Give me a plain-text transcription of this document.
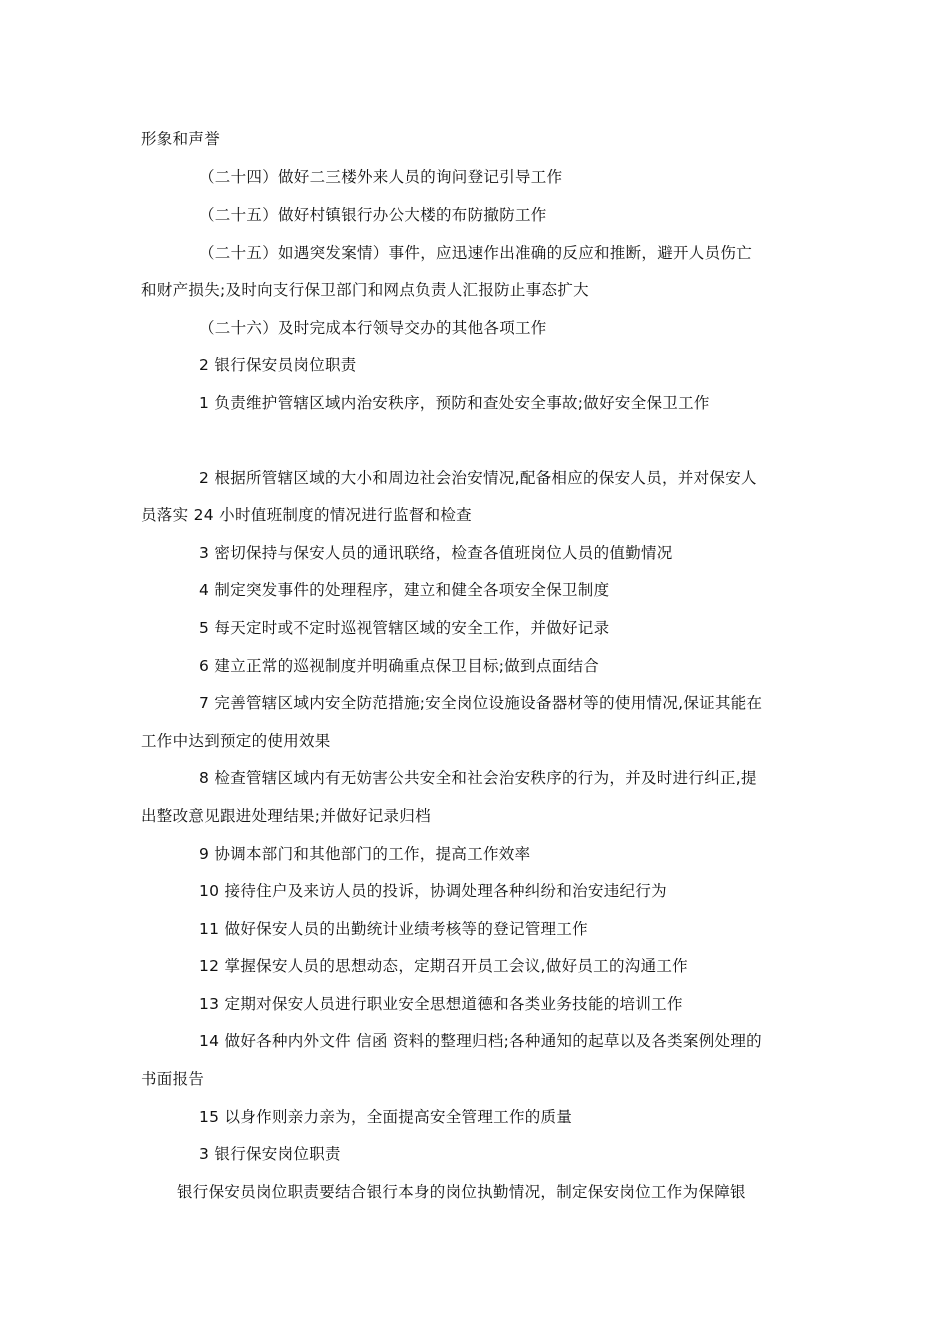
形象和声誉
（二十四）做好二三楼外来人员的询问登记引导工作
（二十五）做好村镇银行办公大楼的布防撤防工作
（二十五）如遇突发案情）事件，应迅速作出准确的反应和推断，避开人员伤亡
和财产损失;及时向支行保卫部门和网点负责人汇报防止事态扩大
（二十六）及时完成本行领导交办的其他各项工作
2 银行保安员岗位职责
1 负责维护管辖区域内治安秩序，预防和查处安全事故;做好安全保卫工作
2 根据所管辖区域的大小和周边社会治安情况,配备相应的保安人员，并对保安人
员落实 24 小时值班制度的情况进行监督和检查
3 密切保持与保安人员的通讯联络，检查各值班岗位人员的值勤情况
4 制定突发事件的处理程序，建立和健全各项安全保卫制度
5 每天定时或不定时巡视管辖区域的安全工作，并做好记录
6 建立正常的巡视制度并明确重点保卫目标;做到点面结合
7 完善管辖区域内安全防范措施;安全岗位设施设备器材等的使用情况,保证其能在
工作中达到预定的使用效果
8 检查管辖区域内有无妨害公共安全和社会治安秩序的行为，并及时进行纠正,提
出整改意见跟进处理结果;并做好记录归档
9 协调本部门和其他部门的工作，提高工作效率
10 接待住户及来访人员的投诉，协调处理各种纠纷和治安违纪行为
11 做好保安人员的出勤统计业绩考核等的登记管理工作
12 掌握保安人员的思想动态，定期召开员工会议,做好员工的沟通工作
13 定期对保安人员进行职业安全思想道德和各类业务技能的培训工作
14 做好各种内外文件 信函 资料的整理归档;各种通知的起草以及各类案例处理的
书面报告
15 以身作则亲力亲为，全面提高安全管理工作的质量
3 银行保安岗位职责
银行保安员岗位职责要结合银行本身的岗位执勤情况，制定保安岗位工作为保障银
